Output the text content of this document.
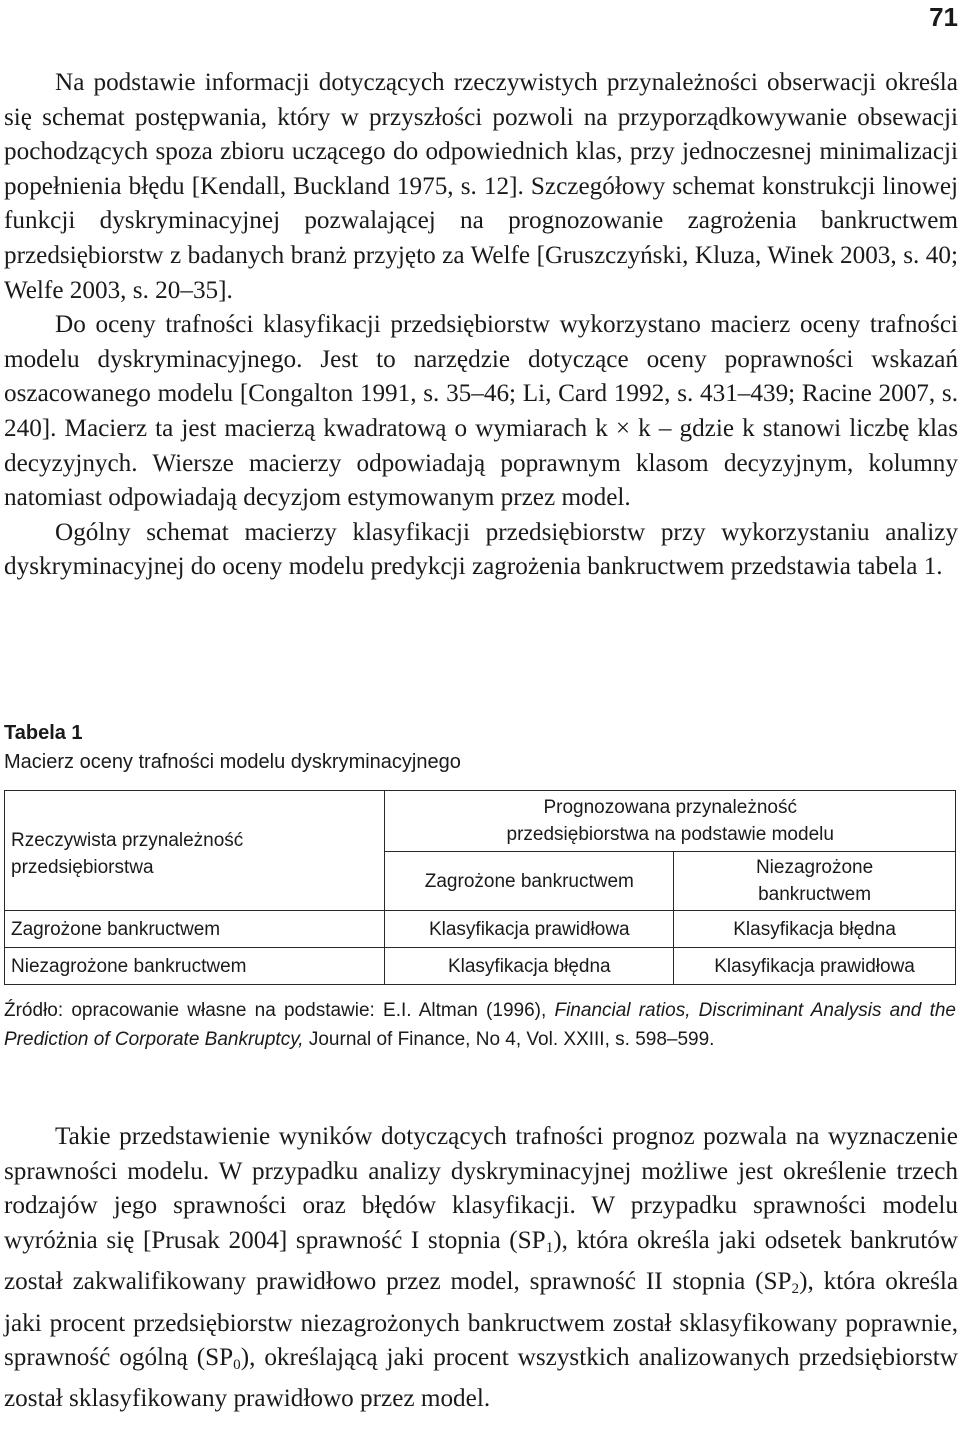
71

Na podstawie informacji dotyczących rzeczywistych przynależności obserwacji określa się schemat postępwania, który w przyszłości pozwoli na przyporządkowywanie obsewacji pochodzących spoza zbioru uczącego do odpowiednich klas, przy jednoczesnej minimalizacji popełnienia błędu [Kendall, Buckland 1975, s. 12]. Szczegółowy schemat konstrukcji linowej funkcji dyskryminacyjnej pozwalającej na prognozowanie zagrożenia bankructwem przedsiębiorstw z badanych branż przyjęto za Welfe [Gruszczyński, Kluza, Winek 2003, s. 40; Welfe 2003, s. 20–35].

Do oceny trafności klasyfikacji przedsiębiorstw wykorzystano macierz oceny trafności modelu dyskryminacyjnego. Jest to narzędzie dotyczące oceny poprawności wskazań oszacowanego modelu [Congalton 1991, s. 35–46; Li, Card 1992, s. 431–439; Racine 2007, s. 240]. Macierz ta jest macierzą kwadratową o wymiarach k × k – gdzie k stanowi liczbę klas decyzyjnych. Wiersze macierzy odpowiadają poprawnym klasom decyzyjnym, kolumny natomiast odpowiadają decyzjom estymowanym przez model.

Ogólny schemat macierzy klasyfikacji przedsiębiorstw przy wykorzystaniu analizy dyskryminacyjnej do oceny modelu predykcji zagrożenia bankructwem przedstawia tabela 1.

Tabela 1
Macierz oceny trafności modelu dyskryminacyjnego
Rzeczywista przynależność przedsiębiorstwa	Prognozowana przynależność przedsiębiorstwa na podstawie modelu	
	Zagrożone bankructwem	Niezagrożone bankructwem
Zagrożone bankructwem	Klasyfikacja prawidłowa	Klasyfikacja błędna
Niezagrożone bankructwem	Klasyfikacja błędna	Klasyfikacja prawidłowa
Źródło: opracowanie własne na podstawie: E.I. Altman (1996), Financial ratios, Discriminant Analysis and the Prediction of Corporate Bankruptcy, Journal of Finance, No 4, Vol. XXIII, s. 598–599.

Takie przedstawienie wyników dotyczących trafności prognoz pozwala na wyznaczenie sprawności modelu. W przypadku analizy dyskryminacyjnej możliwe jest określenie trzech rodzajów jego sprawności oraz błędów klasyfikacji. W przypadku sprawności modelu wyróżnia się [Prusak 2004] sprawność I stopnia $(SP_1)$, która określa jaki odsetek bankrutów został zakwalifikowany prawidłowo przez model, sprawność II stopnia $(SP_2)$, która określa jaki procent przedsiębiorstw niezagrożonych bankructwem został sklasyfikowany poprawnie, sprawność ogólną $(SP_0)$, określającą jaki procent wszystkich analizowanych przedsiębiorstw został sklasyfikowany prawidłowo przez model.
